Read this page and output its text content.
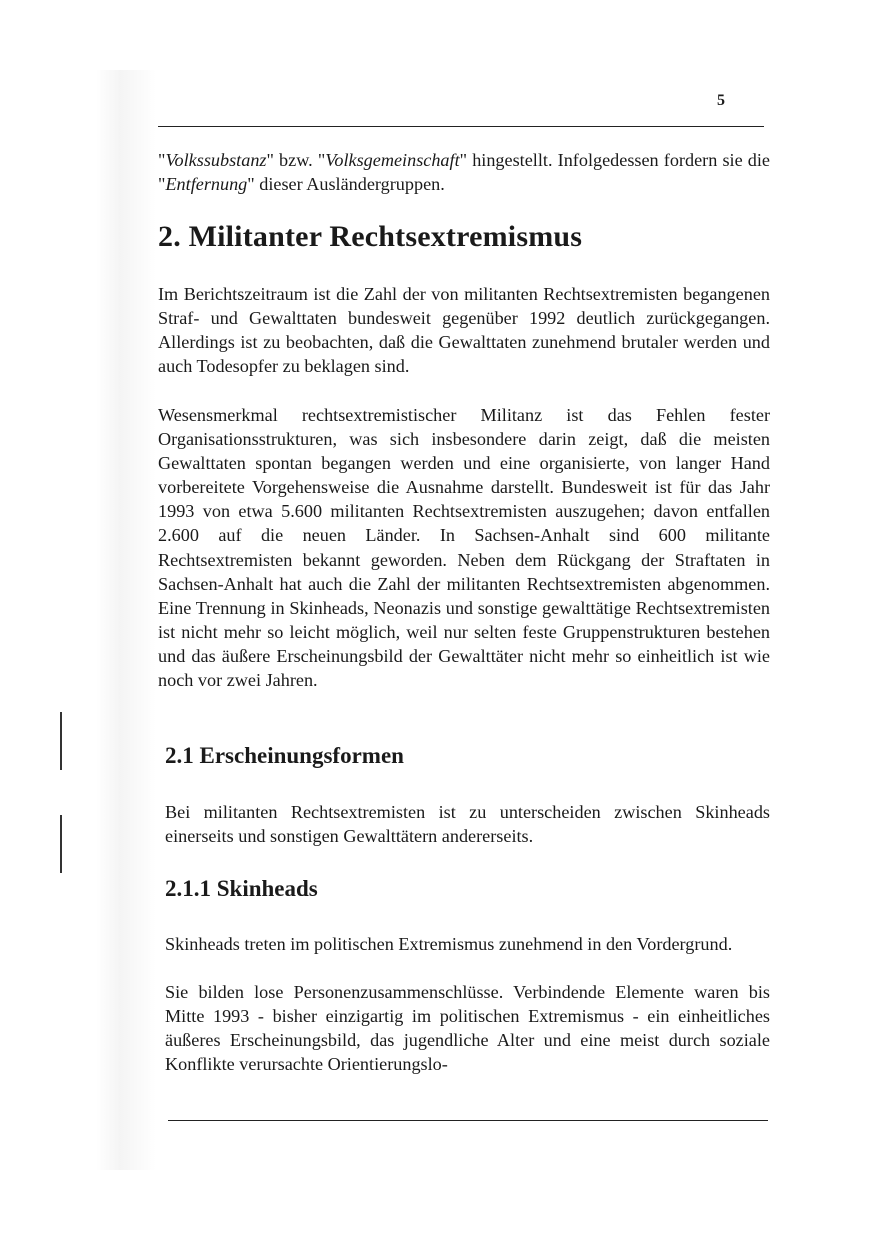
5

"Volkssubstanz" bzw. "Volksgemeinschaft" hingestellt. Infolgedessen fordern sie die "Entfernung" dieser Ausländergruppen.

2. Militanter Rechtsextremismus

Im Berichtszeitraum ist die Zahl der von militanten Rechtsextremisten begangenen Straf- und Gewalttaten bundesweit gegenüber 1992 deutlich zurückgegangen. Allerdings ist zu beobachten, daß die Gewalttaten zunehmend brutaler werden und auch Todesopfer zu beklagen sind.

Wesensmerkmal rechtsextremistischer Militanz ist das Fehlen fester Organisationsstrukturen, was sich insbesondere darin zeigt, daß die meisten Gewalttaten spontan begangen werden und eine organisierte, von langer Hand vorbereitete Vorgehensweise die Ausnahme darstellt. Bundesweit ist für das Jahr 1993 von etwa 5.600 militanten Rechtsextremisten auszugehen; davon entfallen 2.600 auf die neuen Länder. In Sachsen-Anhalt sind 600 militante Rechtsextremisten bekannt geworden. Neben dem Rückgang der Straftaten in Sachsen-Anhalt hat auch die Zahl der militanten Rechtsextremisten abgenommen. Eine Trennung in Skinheads, Neonazis und sonstige gewalttätige Rechtsextremisten ist nicht mehr so leicht möglich, weil nur selten feste Gruppenstrukturen bestehen und das äußere Erscheinungsbild der Gewalttäter nicht mehr so einheitlich ist wie noch vor zwei Jahren.

2.1 Erscheinungsformen

Bei militanten Rechtsextremisten ist zu unterscheiden zwischen Skinheads einerseits und sonstigen Gewalttätern andererseits.

2.1.1 Skinheads

Skinheads treten im politischen Extremismus zunehmend in den Vordergrund.

Sie bilden lose Personenzusammenschlüsse. Verbindende Elemente waren bis Mitte 1993 - bisher einzigartig im politischen Extremismus - ein einheitliches äußeres Erscheinungsbild, das jugendliche Alter und eine meist durch soziale Konflikte verursachte Orientierungslo-
